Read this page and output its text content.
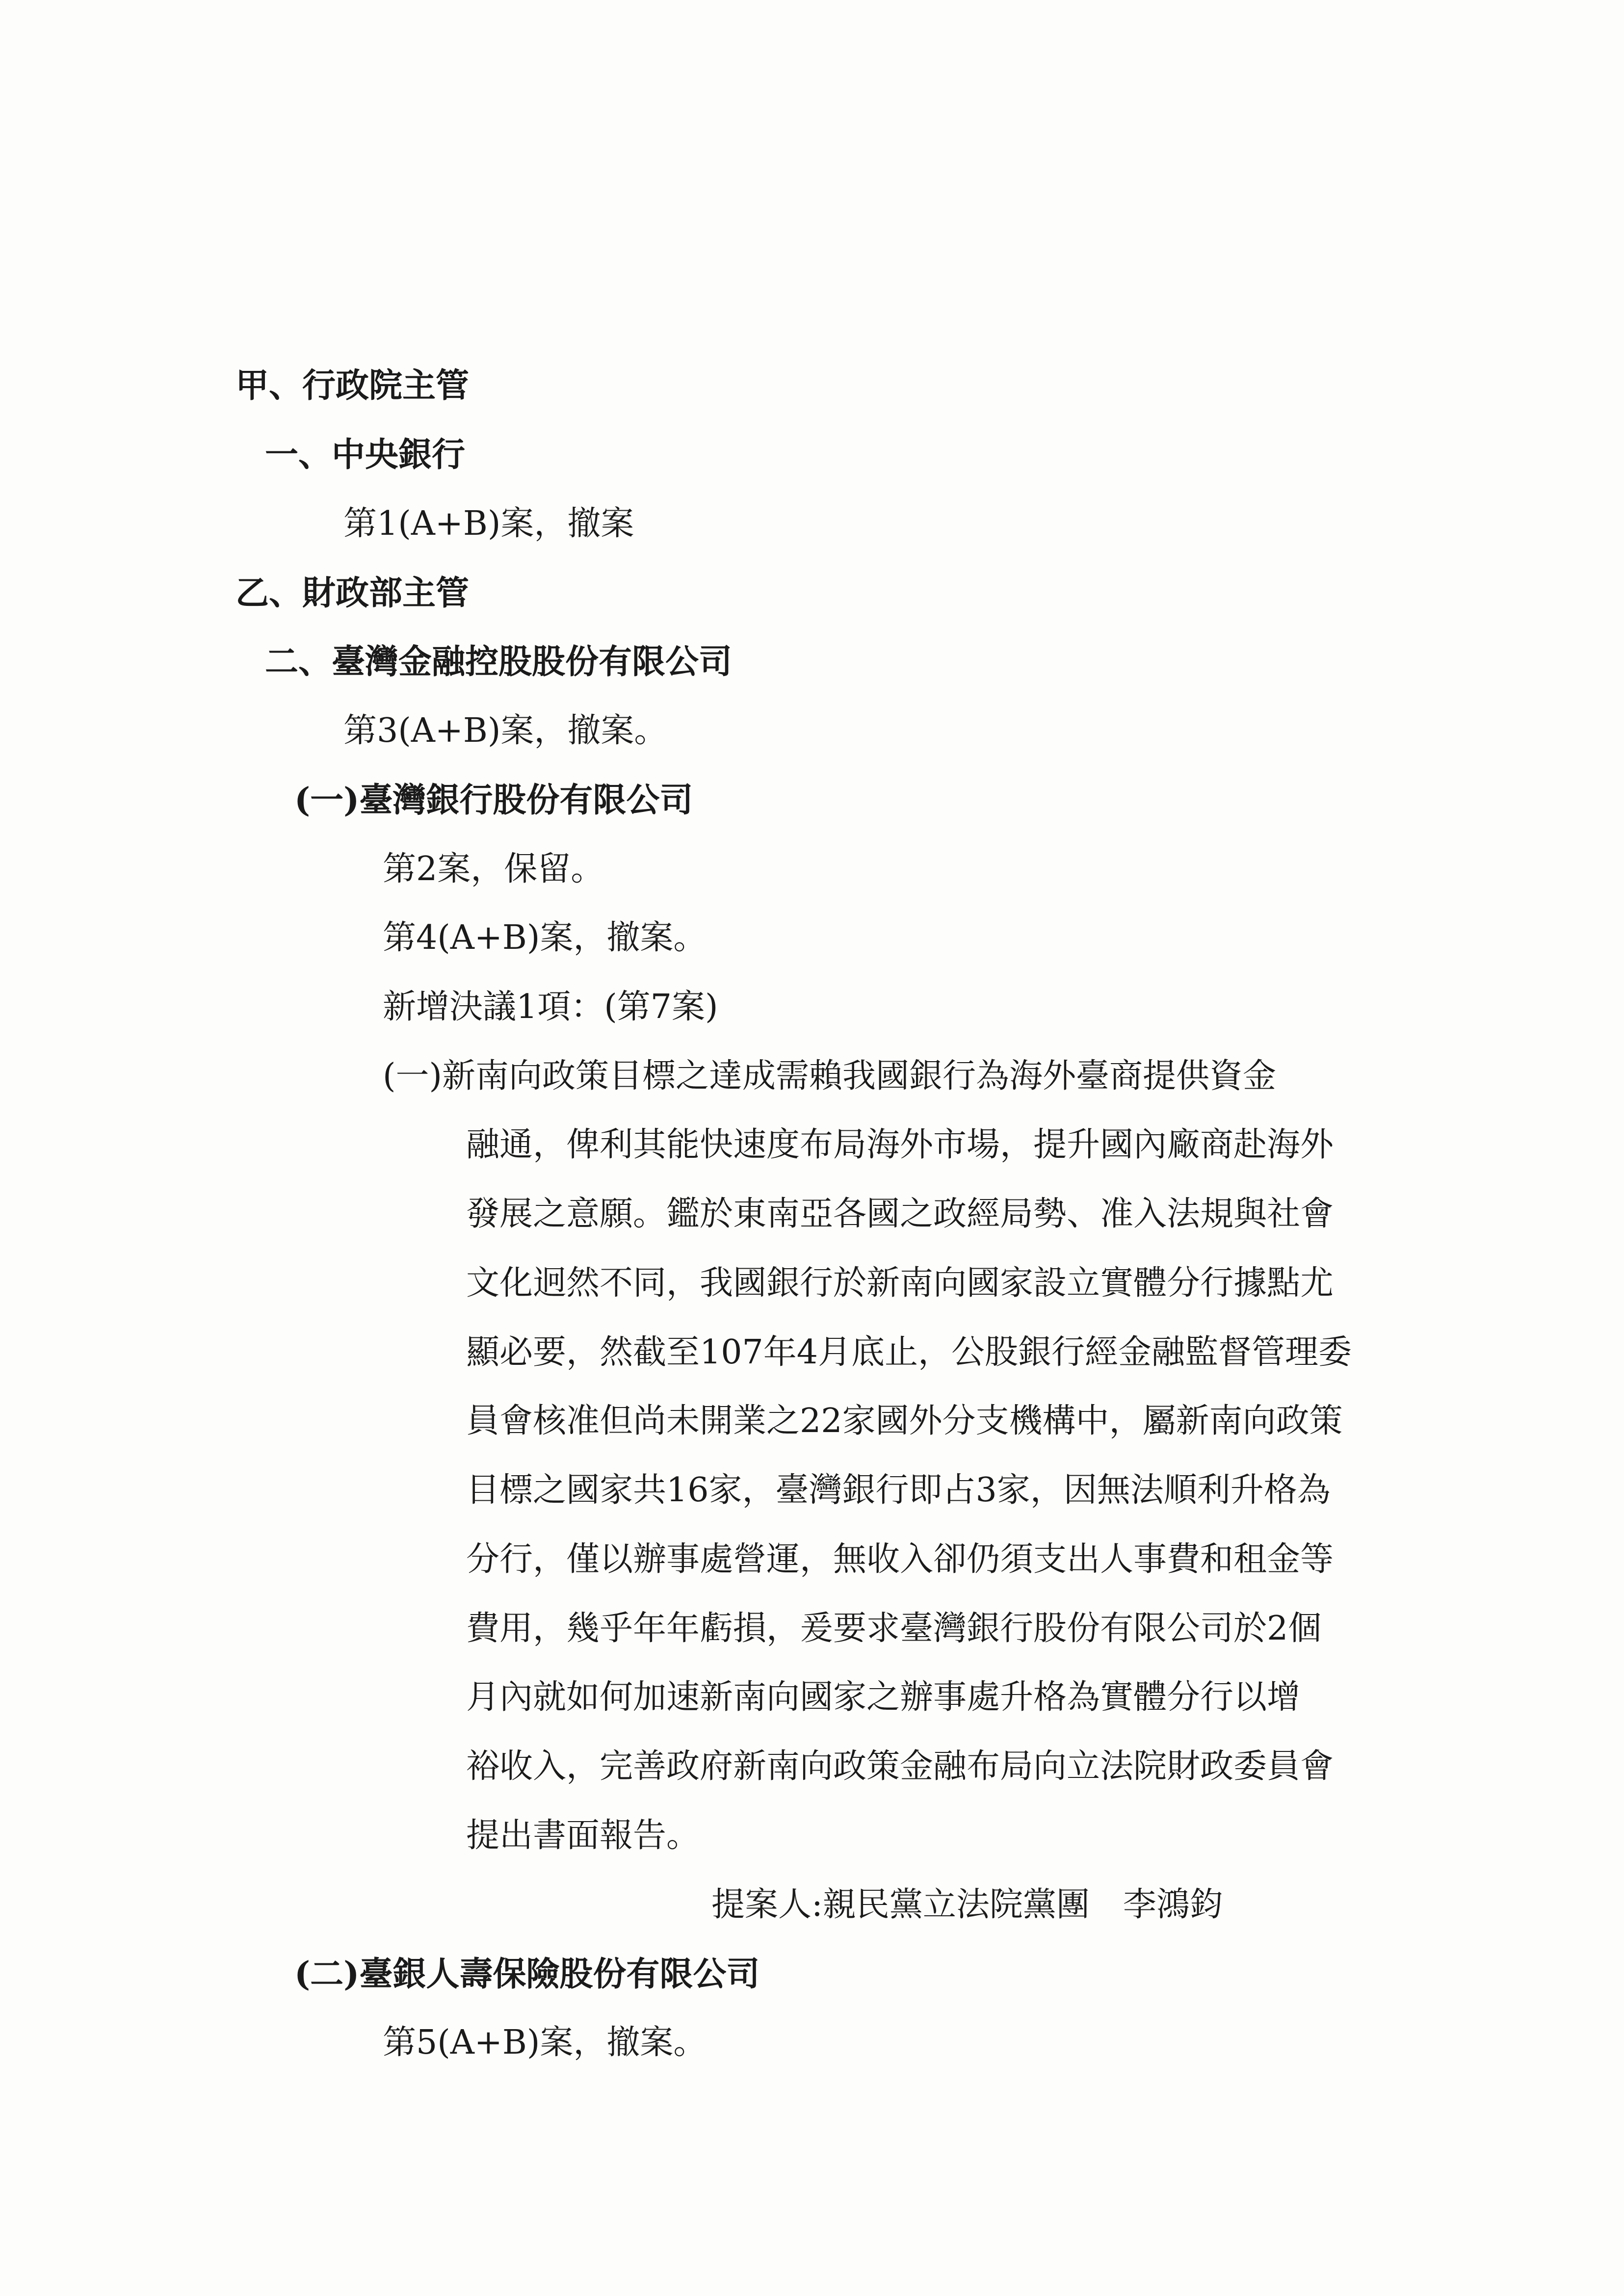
甲、行政院主管
一、中央銀行
第1(A+B)案，撤案
乙、財政部主管
二、臺灣金融控股股份有限公司
第3(A+B)案，撤案。
(一)臺灣銀行股份有限公司
第2案，保留。
第4(A+B)案，撤案。
新增決議1項：(第7案)
(一)新南向政策目標之達成需賴我國銀行為海外臺商提供資金
融通，俾利其能快速度布局海外市場，提升國內廠商赴海外
發展之意願。鑑於東南亞各國之政經局勢、准入法規與社會
文化迥然不同，我國銀行於新南向國家設立實體分行據點尤
顯必要，然截至107年4月底止，公股銀行經金融監督管理委
員會核准但尚未開業之22家國外分支機構中，屬新南向政策
目標之國家共16家，臺灣銀行即占3家，因無法順利升格為
分行，僅以辦事處營運，無收入卻仍須支出人事費和租金等
費用，幾乎年年虧損，爰要求臺灣銀行股份有限公司於2個
月內就如何加速新南向國家之辦事處升格為實體分行以增
裕收入，完善政府新南向政策金融布局向立法院財政委員會
提出書面報告。
提案人:親民黨立法院黨團　李鴻鈞
(二)臺銀人壽保險股份有限公司
第5(A+B)案，撤案。
